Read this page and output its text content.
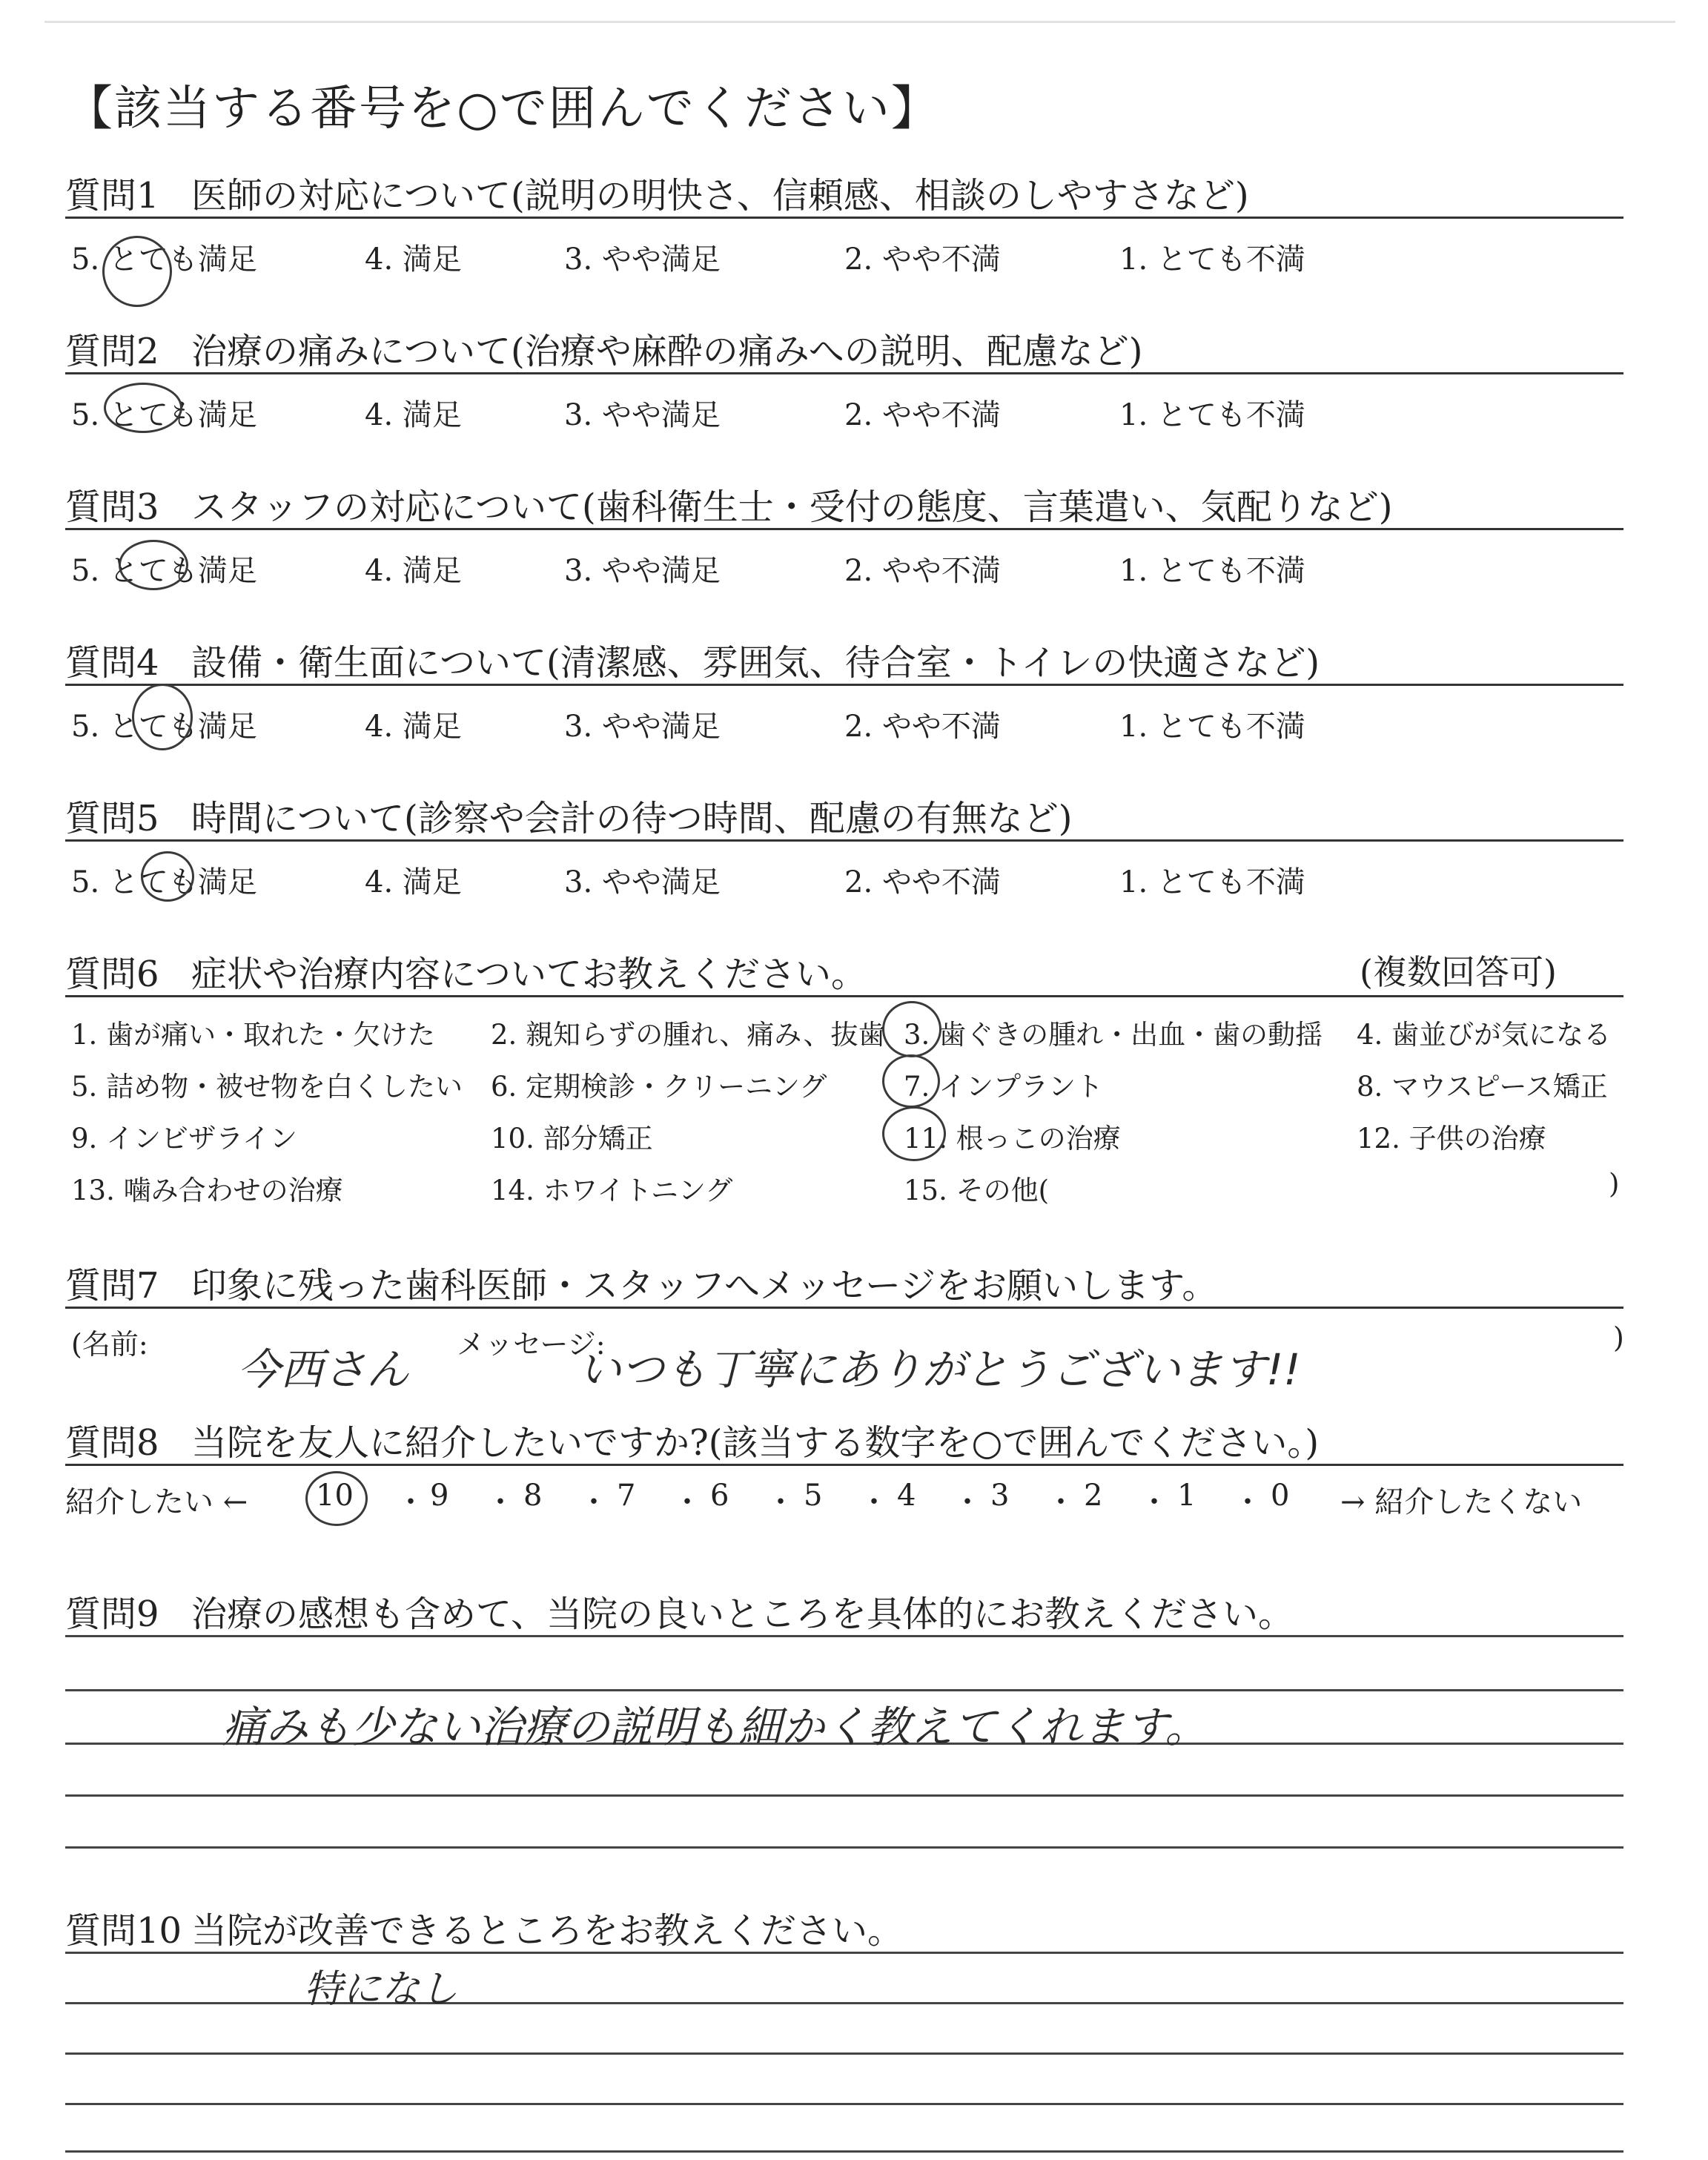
【該当する番号を○で囲んでください】
質問1 医師の対応について(説明の明快さ、信頼感、相談のしやすさなど)
5. とても満足	4. 満足	3. やや満足	2. やや不満	1. とても不満
質問2 治療の痛みについて(治療や麻酔の痛みへの説明、配慮など)
5. とても満足	4. 満足	3. やや満足	2. やや不満	1. とても不満
質問3 スタッフの対応について(歯科衛生士・受付の態度、言葉遣い、気配りなど)
5. とても満足	4. 満足	3. やや満足	2. やや不満	1. とても不満
質問4 設備・衛生面について(清潔感、雰囲気、待合室・トイレの快適さなど)
5. とても満足	4. 満足	3. やや満足	2. やや不満	1. とても不満
質問5 時間について(診察や会計の待つ時間、配慮の有無など)
5. とても満足	4. 満足	3. やや満足	2. やや不満	1. とても不満
質問6 症状や治療内容についてお教えください。	(複数回答可)
1. 歯が痛い・取れた・欠けた 2. 親知らずの腫れ、痛み、抜歯 3. 歯ぐきの腫れ・出血・歯の動揺 4. 歯並びが気になる
5. 詰め物・被せ物を白くしたい 6. 定期検診・クリーニング	7. インプラント	8. マウスピース矯正
9. インビザライン	10. 部分矯正	11. 根っこの治療	12. 子供の治療
13. 噛み合わせの治療	14. ホワイトニング	15. その他(	)
質問7 印象に残った歯科医師・スタッフへメッセージをお願いします。
(名前:	メッセージ:	)
今西さん	いつも丁寧にありがとうございます!!
質問8 当院を友人に紹介したいですか?(該当する数字を○で囲んでください。)
紹介したい ← 10 ・ 9 ・ 8 ・ 7 ・ 6 ・ 5 ・ 4 ・ 3 ・ 2 ・ 1 ・ 0 → 紹介したくない
質問9 治療の感想も含めて、当院の良いところを具体的にお教えください。
痛みも少ない治療の説明も細かく教えてくれます。
質問10 当院が改善できるところをお教えください。
特になし
